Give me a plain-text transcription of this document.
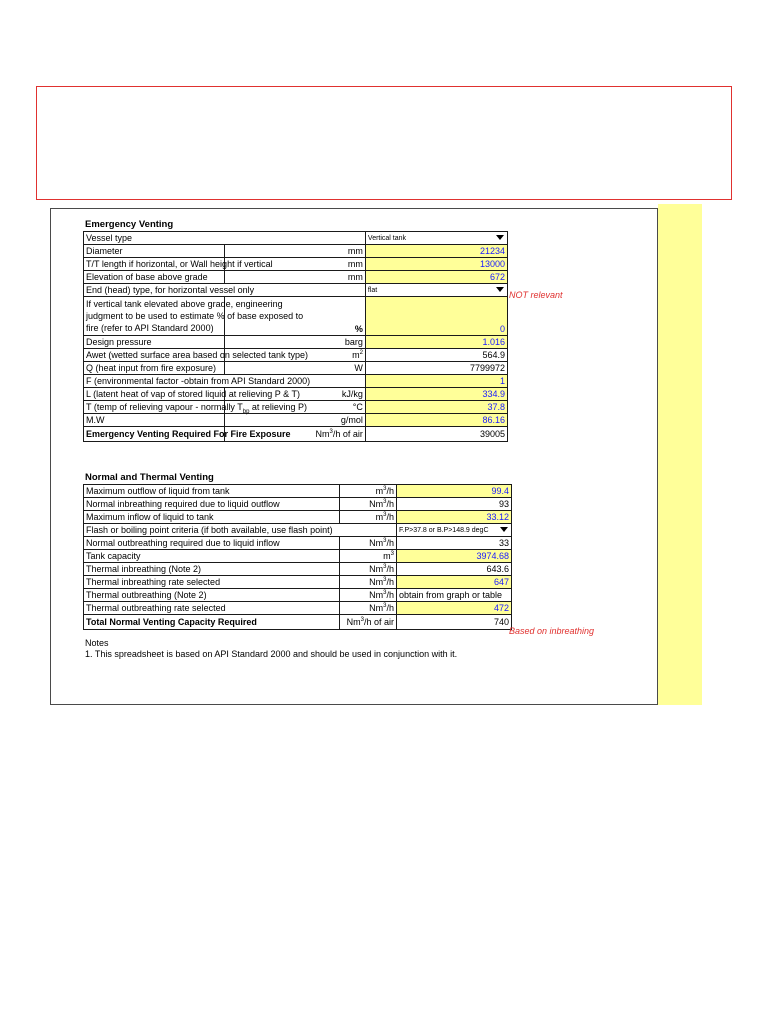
Emergency Venting
Vessel type		Vertical tank

Diameter	mm	21234
T/T length if horizontal, or Wall height if vertical	mm	13000
Elevation of base above grade	mm	672
End (head) type, for horizontal vessel only		flat

If vertical tank elevated above grade, engineering
judgment to be used to estimate % of base exposed to
fire (refer to API Standard 2000)	%	0
Design pressure	barg	1.016
Awet (wetted surface area based on selected tank type)	$m^2$	564.9
Q (heat input from fire exposure)	W	7799972
F (environmental factor -obtain from API Standard 2000)		1
L (latent heat of vap of stored liquid at relieving P & T)	kJ/kg	334.9
T (temp of relieving vapour - normally $T_{bp}$ at relieving P)	°C	37.8
M.W	g/mol	86.16
Emergency Venting Required For Fire Exposure	Nm$^3$/h of air	39005
NOT relevant
Normal and Thermal Venting
Maximum outflow of liquid from tank	$m^3/h$	99.4
Normal inbreathing required due to liquid outflow	Nm$^3$/h	93
Maximum inflow of liquid to tank	$m^3/h$	33.12
Flash or boiling point criteria (if both available, use flash point)		F.P>37.8 or B.P>148.9 degC

Normal outbreathing required due to liquid inflow	Nm$^3$/h	33
Tank capacity	$m^3$	3974.68
Thermal inbreathing (Note 2)	Nm$^3$/h	643.6
Thermal inbreathing rate selected	Nm$^3$/h	647
Thermal outbreathing (Note 2)	Nm$^3$/h	obtain from graph or table
Thermal outbreathing rate selected	Nm$^3$/h	472
Total Normal Venting Capacity Required	Nm$^3$/h of air	740
Based on inbreathing
Notes
1. This spreadsheet is based on API Standard 2000 and should be used in conjunction with it.
